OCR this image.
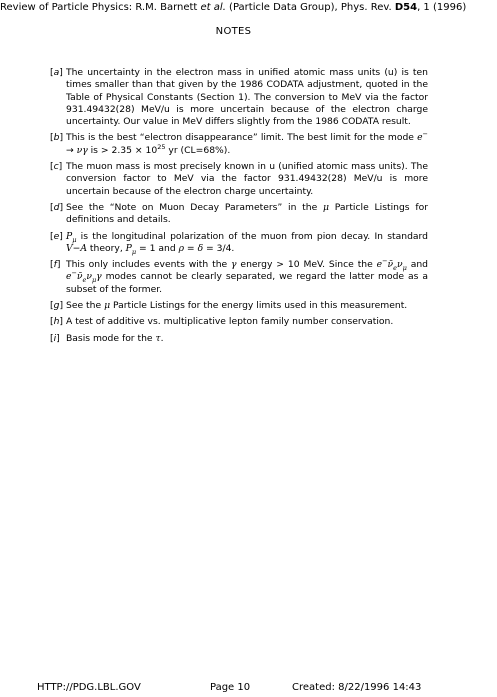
Review of Particle Physics: R.M. Barnett et al. (Particle Data Group), Phys. Rev. D54, 1 (1996)
NOTES
[a] The uncertainty in the electron mass in unified atomic mass units (u) is ten times smaller than that given by the 1986 CODATA adjustment, quoted in the Table of Physical Constants (Section 1). The conversion to MeV via the factor 931.49432(28) MeV/u is more uncertain because of the electron charge uncertainty. Our value in MeV differs slightly from the 1986 CODATA result.
[b] This is the best “electron disappearance” limit. The best limit for the mode e− → νγ is > $2.35 \times 10^{25}$ yr (CL=68%).
[c] The muon mass is most precisely known in u (unified atomic mass units). The conversion factor to MeV via the factor 931.49432(28) MeV/u is more uncertain because of the electron charge uncertainty.
[d] See the “Note on Muon Decay Parameters” in the μ Particle Listings for definitions and details.
[e] $P_\mu$ is the longitudinal polarization of the muon from pion decay. In standard V−A theory, $P_\mu = 1$ and ρ = δ = 3/4.
[f] This only includes events with the γ energy > 10 MeV. Since the $e^-\nū_e\nu_\mu$ and $e^-\nū_e\nu_\mu\gamma$ modes cannot be clearly separated, we regard the latter mode as a subset of the former.
[g] See the μ Particle Listings for the energy limits used in this measurement.
[h] A test of additive vs. multiplicative lepton family number conservation.
[i] Basis mode for the τ.
HTTP://PDG.LBL.GOV	Page 10	Created: 8/22/1996 14:43
